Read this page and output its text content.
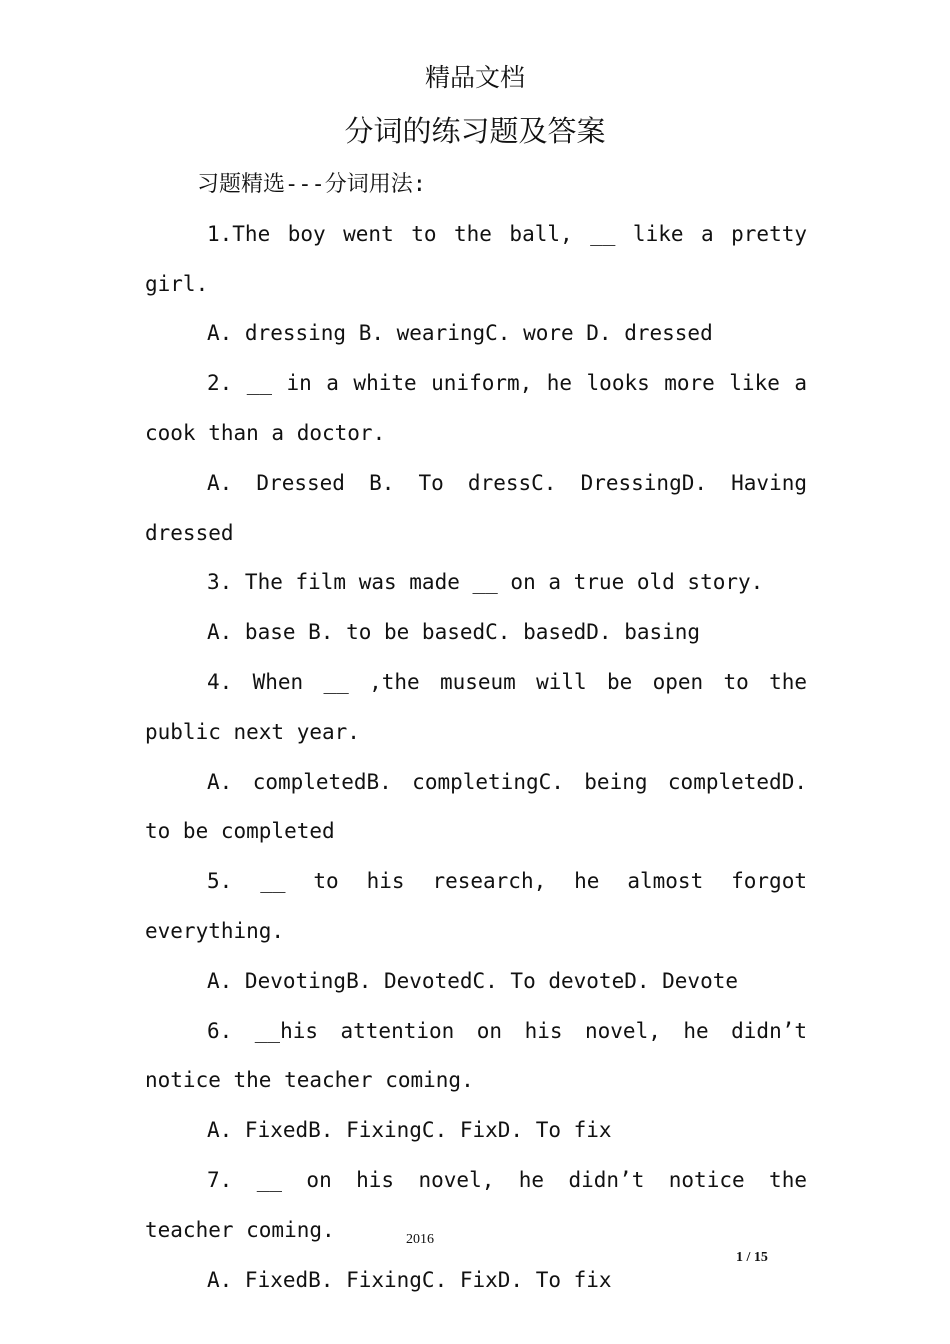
精品文档
分词的练习题及答案
习题精选---分词用法:

1.The boy went to the ball, __ like a pretty girl.

A. dressing B. wearingC. wore D. dressed

2. __ in a white uniform, he looks more like a cook than a doctor.

A. Dressed B. To dressC. DressingD. Having dressed

3. The film was made __ on a true old story.

A. base B. to be basedC. basedD. basing

4. When __ ,the museum will be open to the public next year.

A. completedB. completingC. being completedD. to be completed

5. __ to his research, he almost forgot everything.

A. DevotingB. DevotedC. To devoteD. Devote

6. __his attention on his novel, he didn’t notice the teacher coming.

A. FixedB. FixingC. FixD. To fix

7. __ on his novel, he didn’t notice the teacher coming.

A. FixedB. FixingC. FixD. To fix

2016
1 / 15
